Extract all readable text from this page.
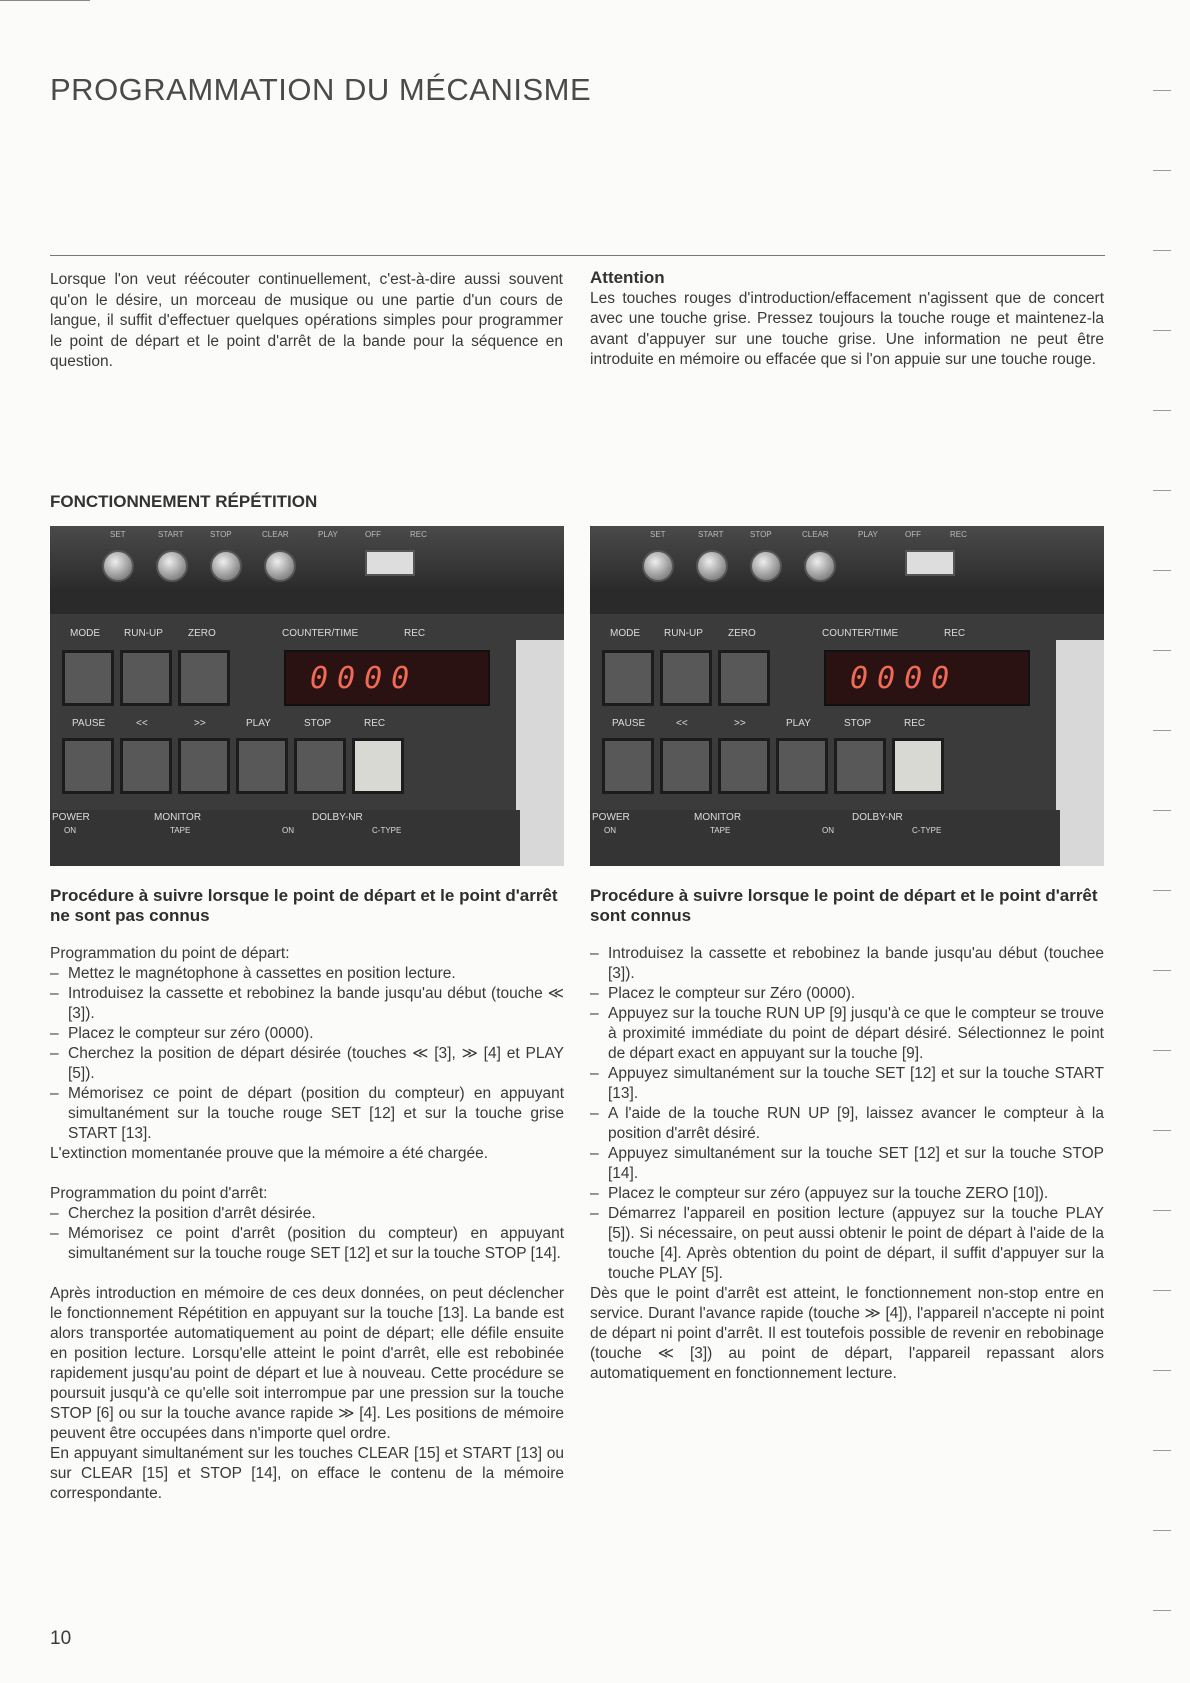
PROGRAMMATION DU MÉCANISME
Lorsque l'on veut réécouter continuellement, c'est-à-dire aussi souvent qu'on le désire, un morceau de musique ou une partie d'un cours de langue, il suffit d'effectuer quelques opérations simples pour programmer le point de départ et le point d'arrêt de la bande pour la séquence en question.
Attention

Les touches rouges d'introduction/effacement n'agissent que de concert avec une touche grise. Pressez toujours la touche rouge et maintenez-la avant d'appuyer sur une touche grise. Une information ne peut être introduite en mémoire ou effacée que si l'on appuie sur une touche rouge.

FONCTIONNEMENT RÉPÉTITION
SET	START	STOP	CLEAR	PLAY	OFF	REC
MODE RUN-UP	ZERO	COUNTER/TIME	REC
0000
PAUSE	<<	>>	PLAY	STOP	REC
POWER
ON
MONITOR
TAPE
DOLBY-NR
ON	C-TYPE
SET	START	STOP	CLEAR	PLAY	OFF	REC
MODE RUN-UP	ZERO	COUNTER/TIME	REC
0000
PAUSE	<<	>>	PLAY	STOP	REC
POWER
ON
MONITOR
TAPE
DOLBY-NR
ON	C-TYPE
Procédure à suivre lorsque le point de départ et le point d'arrêt ne sont pas connus
Procédure à suivre lorsque le point de départ et le point d'arrêt sont connus

Programmation du point de départ:

– Mettez le magnétophone à cassettes en position lecture.
– Introduisez la cassette et rebobinez la bande jusqu'au début (touche ≪ [3]).
– Placez le compteur sur zéro (0000).
– Cherchez la position de départ désirée (touches ≪ [3], ≫ [4] et PLAY [5]).
– Mémorisez ce point de départ (position du compteur) en appuyant simultanément sur la touche rouge SET [12] et sur la touche grise START [13].

L'extinction momentanée prouve que la mémoire a été chargée.

Programmation du point d'arrêt:

– Cherchez la position d'arrêt désirée.
– Mémorisez ce point d'arrêt (position du compteur) en appuyant simultanément sur la touche rouge SET [12] et sur la touche STOP [14].

Après introduction en mémoire de ces deux données, on peut déclencher le fonctionnement Répétition en appuyant sur la touche [13]. La bande est alors transportée automatiquement au point de départ; elle défile ensuite en position lecture. Lorsqu'elle atteint le point d'arrêt, elle est rebobinée rapidement jusqu'au point de départ et lue à nouveau. Cette procédure se poursuit jusqu'à ce qu'elle soit interrompue par une pression sur la touche STOP [6] ou sur la touche avance rapide ≫ [4]. Les positions de mémoire peuvent être occupées dans n'importe quel ordre.

En appuyant simultanément sur les touches CLEAR [15] et START [13] ou sur CLEAR [15] et STOP [14], on efface le contenu de la mémoire correspondante.

– Introduisez la cassette et rebobinez la bande jusqu'au début (touchee [3]).
– Placez le compteur sur Zéro (0000).
– Appuyez sur la touche RUN UP [9] jusqu'à ce que le compteur se trouve à proximité immédiate du point de départ désiré. Sélectionnez le point de départ exact en appuyant sur la touche [9].
– Appuyez simultanément sur la touche SET [12] et sur la touche START [13].
– A l'aide de la touche RUN UP [9], laissez avancer le compteur à la position d'arrêt désiré.
– Appuyez simultanément sur la touche SET [12] et sur la touche STOP [14].
– Placez le compteur sur zéro (appuyez sur la touche ZERO [10]).
– Démarrez l'appareil en position lecture (appuyez sur la touche PLAY [5]). Si nécessaire, on peut aussi obtenir le point de départ à l'aide de la touche [4]. Après obtention du point de départ, il suffit d'appuyer sur la touche PLAY [5].

Dès que le point d'arrêt est atteint, le fonctionnement non-stop entre en service. Durant l'avance rapide (touche ≫ [4]), l'appareil n'accepte ni point de départ ni point d'arrêt. Il est toutefois possible de revenir en rebobinage (touche ≪ [3]) au point de départ, l'appareil repassant alors automatiquement en fonctionnement lecture.

10
